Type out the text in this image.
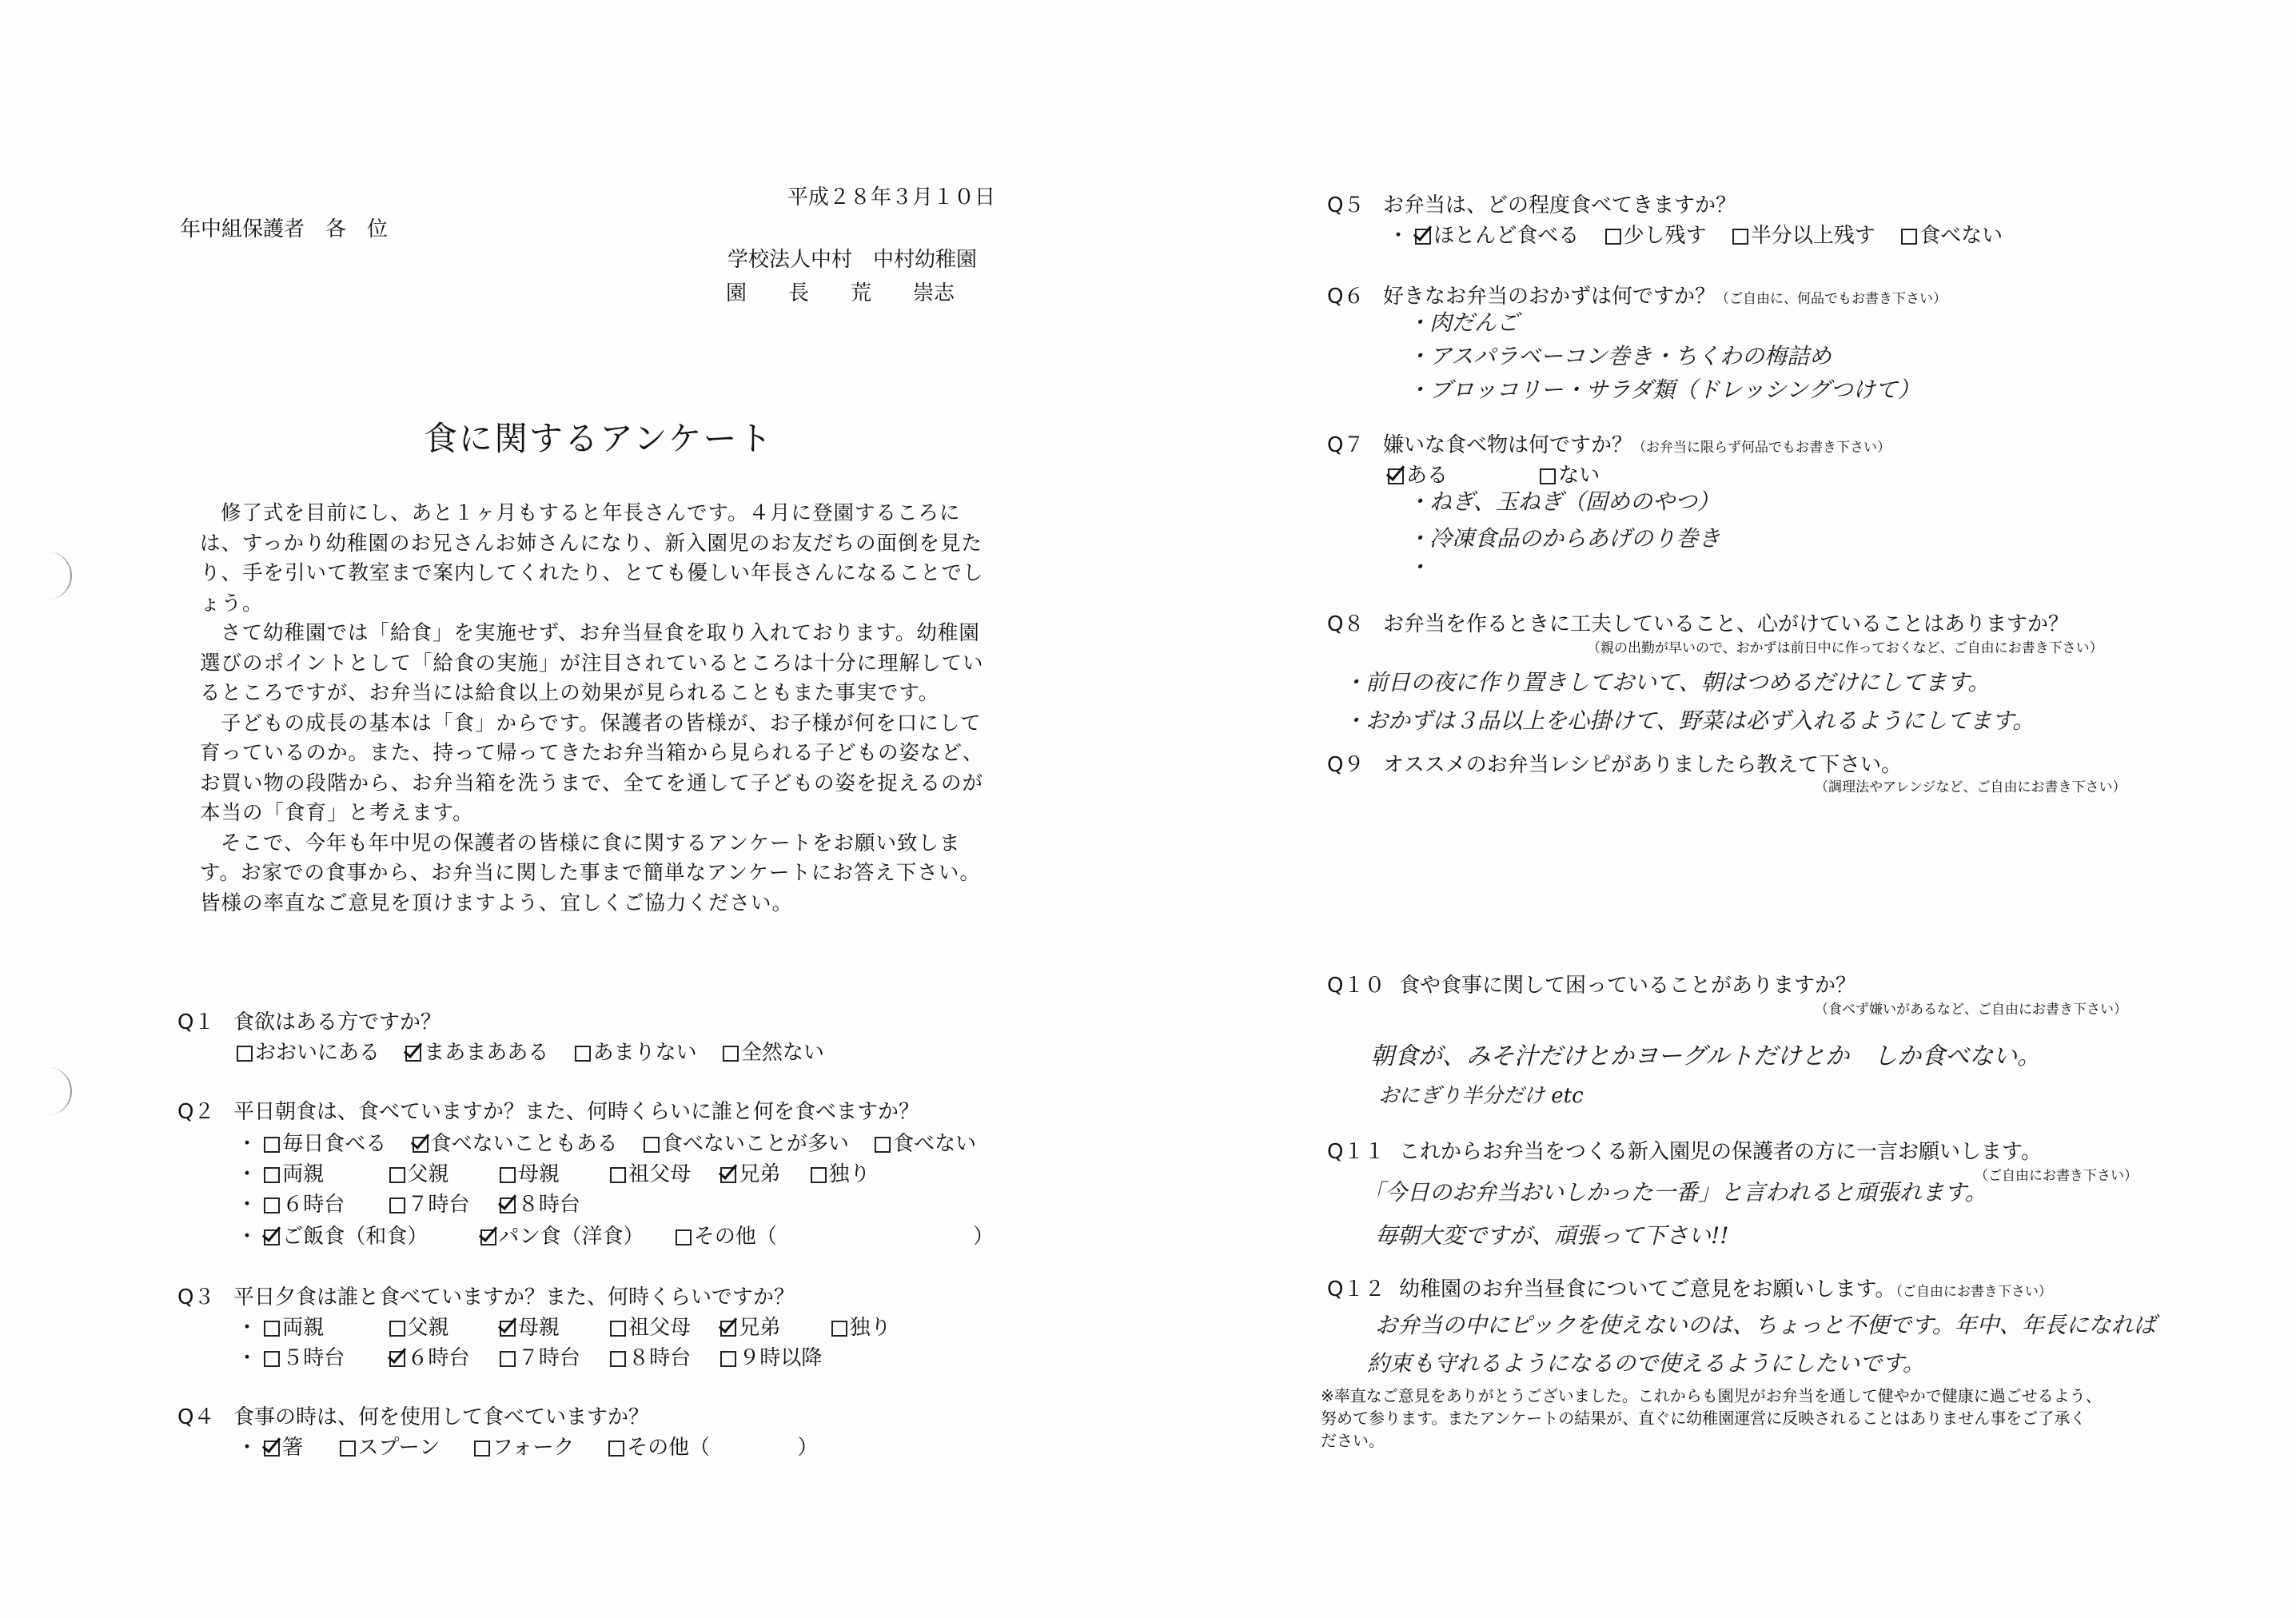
平成２８年３月１０日
年中組保護者　各　位
学校法人中村　中村幼稚園
園　　長　　荒　　崇志
食に関するアンケート

修了式を目前にし、あと１ヶ月もすると年長さんです。４月に登園するころには、すっかり幼稚園のお兄さんお姉さんになり、新入園児のお友だちの面倒を見たり、手を引いて教室まで案内してくれたり、とても優しい年長さんになることでしょう。

さて幼稚園では「給食」を実施せず、お弁当昼食を取り入れております。幼稚園選びのポイントとして「給食の実施」が注目されているところは十分に理解しているところですが、お弁当には給食以上の効果が見られることもまた事実です。

子どもの成長の基本は「食」からです。保護者の皆様が、お子様が何を口にして育っているのか。また、持って帰ってきたお弁当箱から見られる子どもの姿など、お買い物の段階から、お弁当箱を洗うまで、全てを通して子どもの姿を捉えるのが本当の「食育」と考えます。

そこで、今年も年中児の保護者の皆様に食に関するアンケートをお願い致します。お家での食事から、お弁当に関した事まで簡単なアンケートにお答え下さい。皆様の率直なご意見を頂けますよう、宜しくご協力ください。

Q１ 食欲はある方ですか？
おおいにある まあまあある あまりない 全然ない
Q２ 平日朝食は、食べていますか？また、何時くらいに誰と何を食べますか？
・ 毎日食べる 食べないこともある 食べないことが多い 食べない
・ 両親	父親	母親	祖父母 兄弟 独り
・ ６時台	７時台 ８時台
・ ご飯食（和食）	パン食（洋食） その他（	）
Q３ 平日夕食は誰と食べていますか？また、何時くらいですか？
・ 両親	父親	母親	祖父母 兄弟	独り
・ ５時台	６時台 ７時台 ８時台 ９時以降
Q４ 食事の時は、何を使用して食べていますか？
・ 箸	スプーン	フォーク	その他（	）
Q５ お弁当は、どの程度食べてきますか？
・ ほとんど食べる 少し残す 半分以上残す 食べない
Q６ 好きなお弁当のおかずは何ですか？（ご自由に、何品でもお書き下さい）
・肉だんご
・アスパラベーコン巻き・ちくわの梅詰め
・ブロッコリー・サラダ類（ドレッシングつけて）
Q７ 嫌いな食べ物は何ですか？（お弁当に限らず何品でもお書き下さい）
ある	ない
・ねぎ、玉ねぎ（固めのやつ）
・冷凍食品のからあげのり巻き
・
Q８ お弁当を作るときに工夫していること、心がけていることはありますか？
（親の出勤が早いので、おかずは前日中に作っておくなど、ご自由にお書き下さい）
・前日の夜に作り置きしておいて、朝はつめるだけにしてます。
・おかずは３品以上を心掛けて、野菜は必ず入れるようにしてます。
Q９ オススメのお弁当レシピがありましたら教えて下さい。
（調理法やアレンジなど、ご自由にお書き下さい）
Q１０ 食や食事に関して困っていることがありますか？
（食べず嫌いがあるなど、ご自由にお書き下さい）
朝食が、みそ汁だけとかヨーグルトだけとか　しか食べない。
おにぎり半分だけ etc
Q１１ これからお弁当をつくる新入園児の保護者の方に一言お願いします。
（ご自由にお書き下さい）
「今日のお弁当おいしかった一番」と言われると頑張れます。
毎朝大変ですが、頑張って下さい!!
Q１２ 幼稚園のお弁当昼食についてご意見をお願いします。（ご自由にお書き下さい）
お弁当の中にピックを使えないのは、ちょっと不便です。年中、年長になれば
約束も守れるようになるので使えるようにしたいです。
※率直なご意見をありがとうございました。これからも園児がお弁当を通して健やかで健康に過ごせるよう、
努めて参ります。またアンケートの結果が、直ぐに幼稚園運営に反映されることはありません事をご了承く
ださい。
